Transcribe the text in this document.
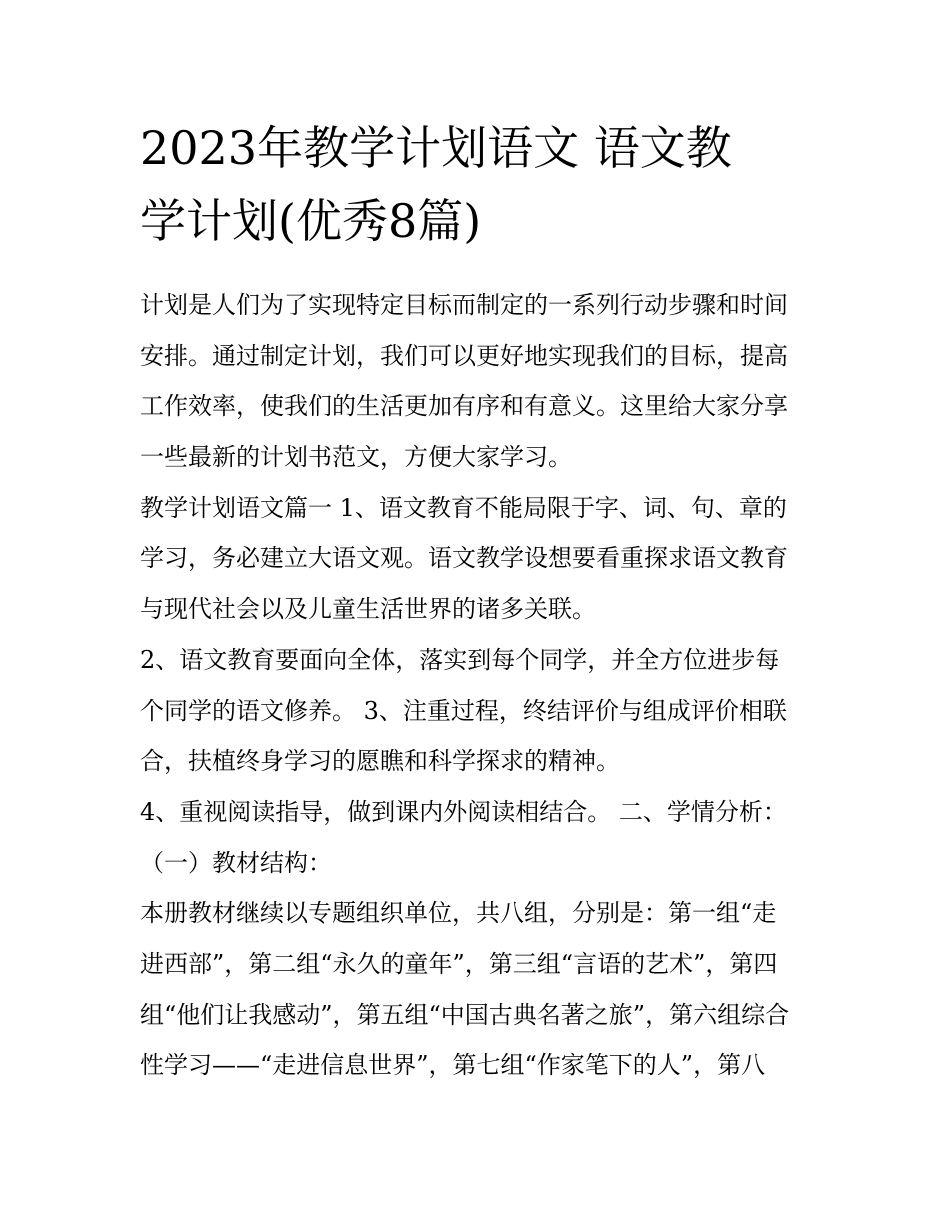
2023年教学计划语文 语文教
学计划(优秀8篇)
计划是人们为了实现特定目标而制定的一系列行动步骤和时间
安排。通过制定计划，我们可以更好地实现我们的目标，提高
工作效率，使我们的生活更加有序和有意义。这里给大家分享
一些最新的计划书范文，方便大家学习。
教学计划语文篇一 1、语文教育不能局限于字、词、句、章的
学习，务必建立大语文观。语文教学设想要看重探求语文教育
与现代社会以及儿童生活世界的诸多关联。
2、语文教育要面向全体，落实到每个同学，并全方位进步每
个同学的语文修养。 3、注重过程，终结评价与组成评价相联
合，扶植终身学习的愿瞧和科学探求的精神。
4、重视阅读指导，做到课内外阅读相结合。 二、学情分析：
（一）教材结构：
本册教材继续以专题组织单位，共八组，分别是：第一组“走
进西部”，第二组“永久的童年”，第三组“言语的艺术”，第四
组“他们让我感动”，第五组“中国古典名著之旅”，第六组综合
性学习——“走进信息世界”，第七组“作家笔下的人”，第八
